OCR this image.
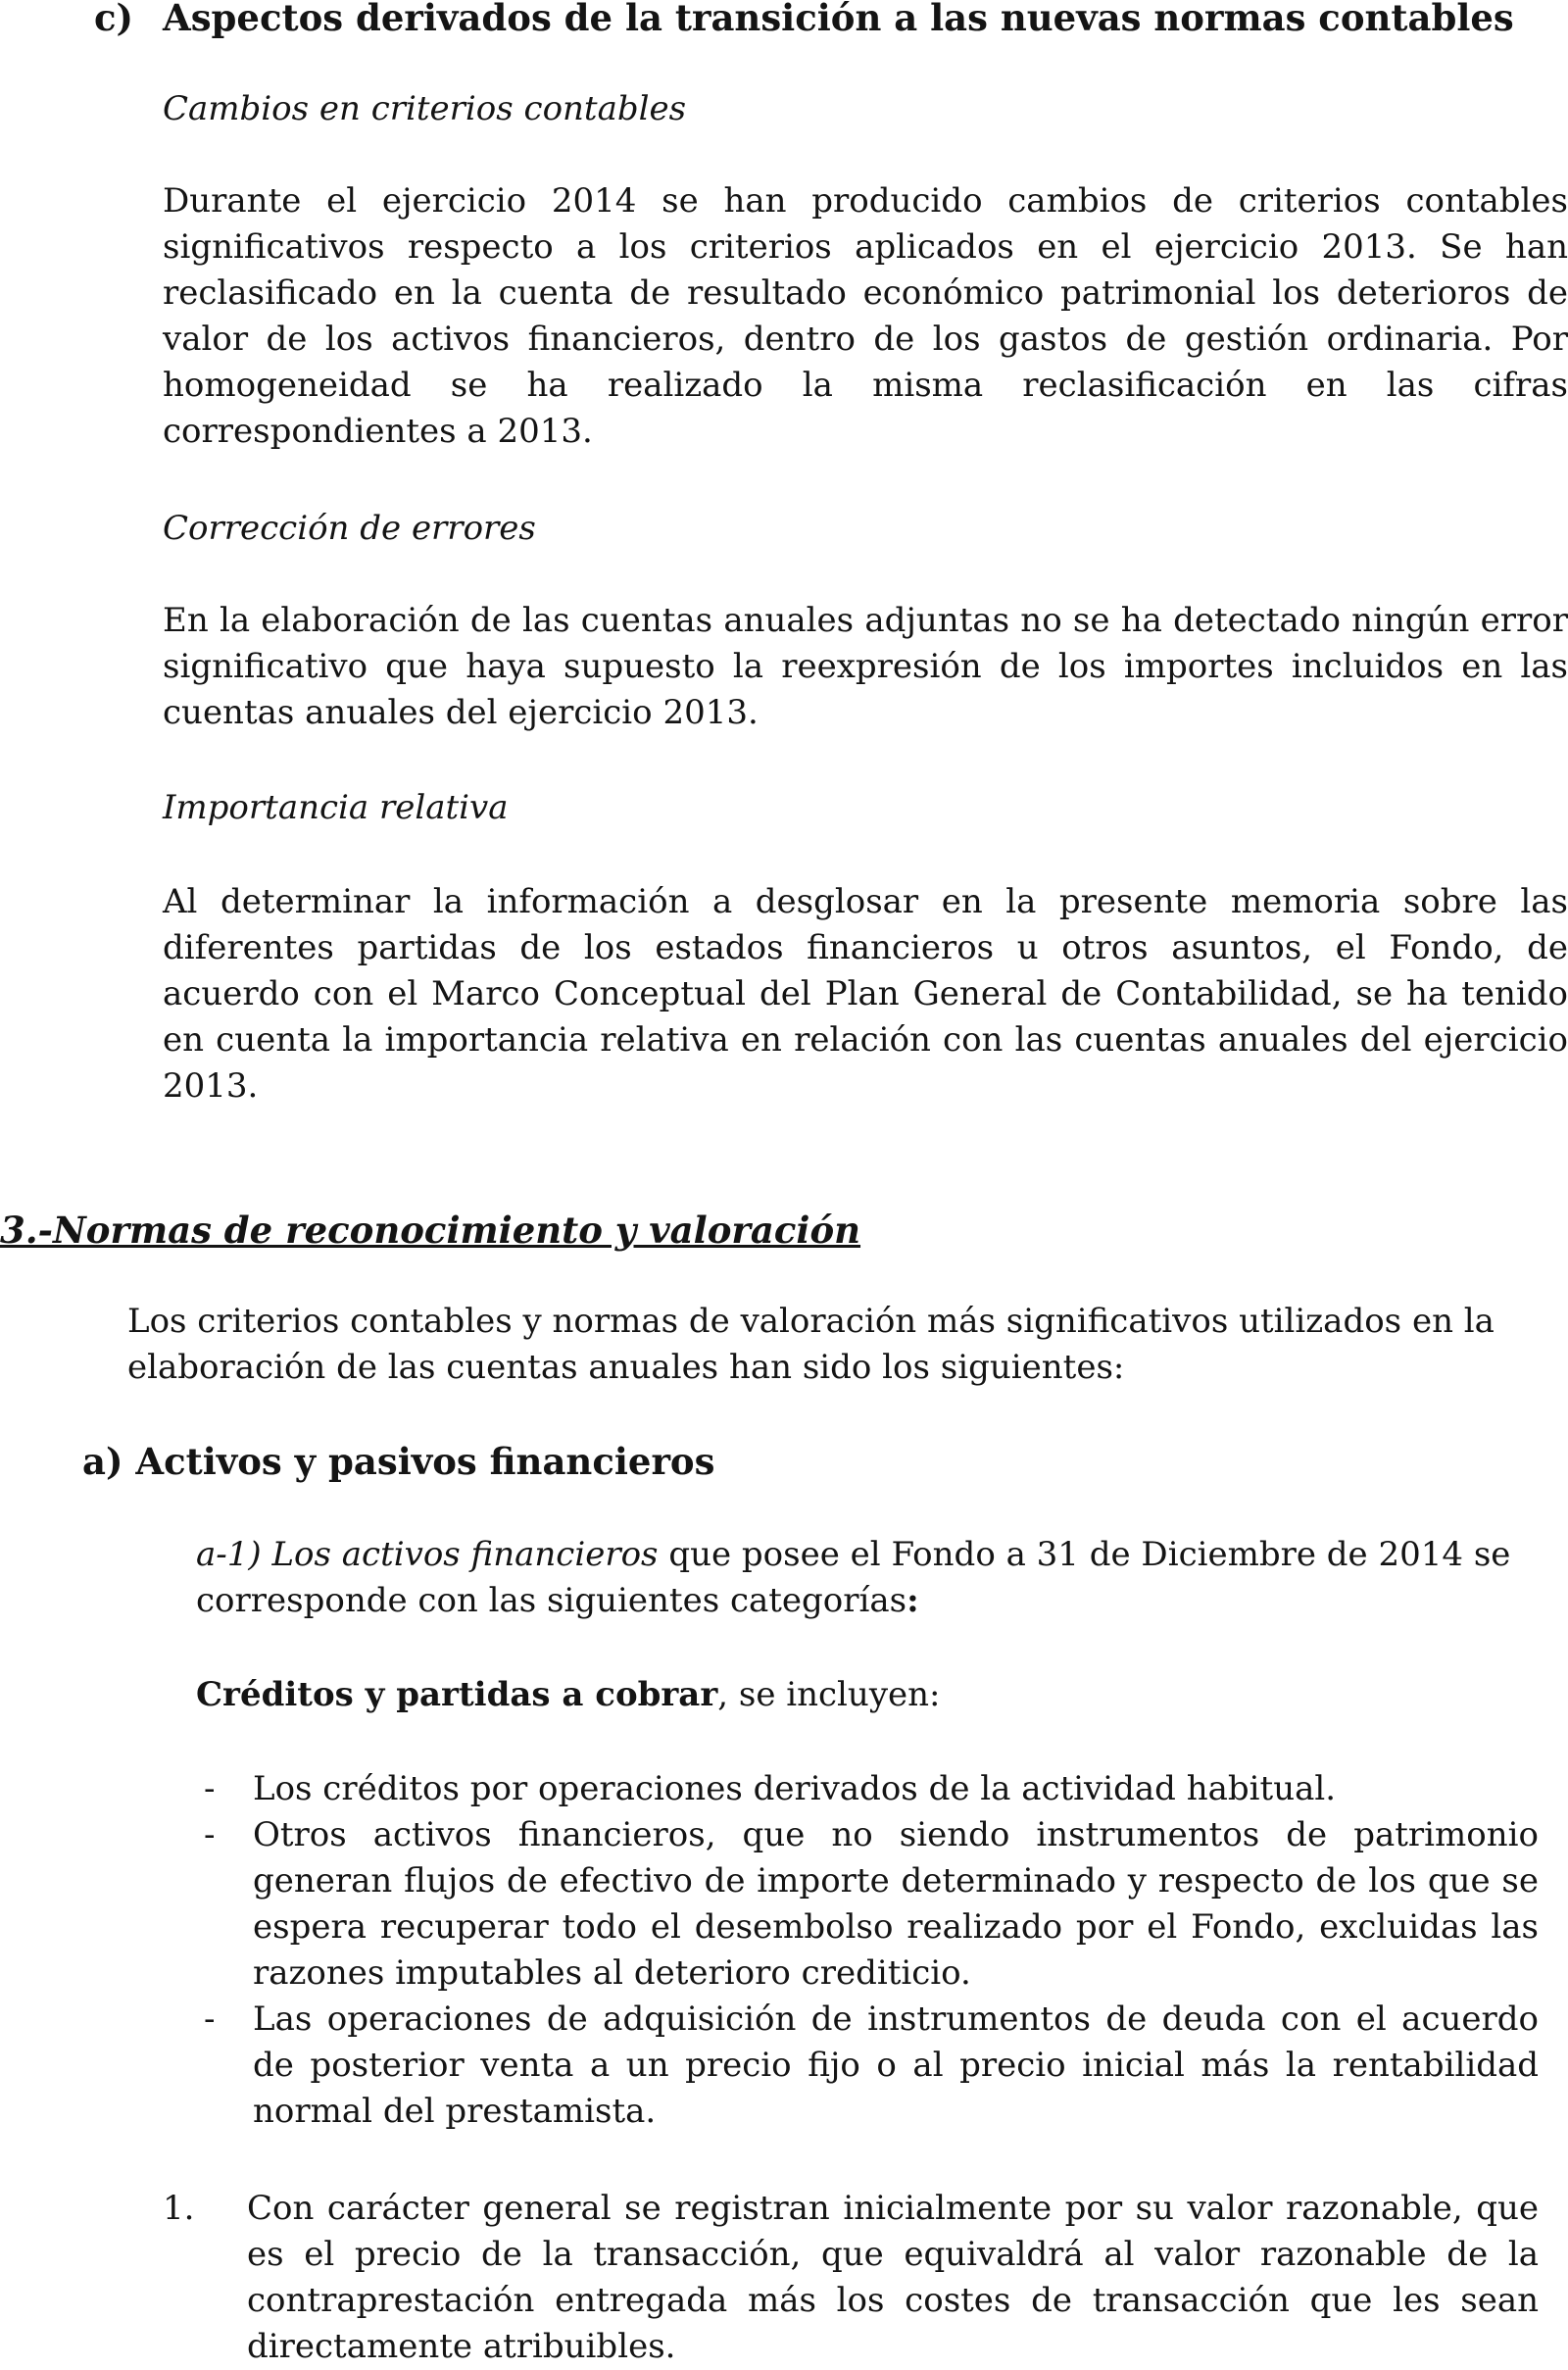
c) Aspectos derivados de la transición a las nuevas normas contables

Cambios en criterios contables

Durante el ejercicio 2014 se han producido cambios de criterios contables significativos respecto a los criterios aplicados en el ejercicio 2013. Se han reclasificado en la cuenta de resultado económico patrimonial los deterioros de valor de los activos financieros, dentro de los gastos de gestión ordinaria. Por homogeneidad se ha realizado la misma reclasificación en las cifras correspondientes a 2013.

Corrección de errores

En la elaboración de las cuentas anuales adjuntas no se ha detectado ningún error significativo que haya supuesto la reexpresión de los importes incluidos en las cuentas anuales del ejercicio 2013.

Importancia relativa

Al determinar la información a desglosar en la presente memoria sobre las diferentes partidas de los estados financieros u otros asuntos, el Fondo, de acuerdo con el Marco Conceptual del Plan General de Contabilidad, se ha tenido en cuenta la importancia relativa en relación con las cuentas anuales del ejercicio 2013.

3.-Normas de reconocimiento y valoración

Los criterios contables y normas de valoración más significativos utilizados en la elaboración de las cuentas anuales han sido los siguientes:

a) Activos y pasivos financieros

a-1) Los activos financieros que posee el Fondo a 31 de Diciembre de 2014 se corresponde con las siguientes categorías:

Créditos y partidas a cobrar, se incluyen:

-	Los créditos por operaciones derivados de la actividad habitual.
-	Otros activos financieros, que no siendo instrumentos de patrimonio generan flujos de efectivo de importe determinado y respecto de los que se espera recuperar todo el desembolso realizado por el Fondo, excluidas las razones imputables al deterioro crediticio.
-	Las operaciones de adquisición de instrumentos de deuda con el acuerdo de posterior venta a un precio fijo o al precio inicial más la rentabilidad normal del prestamista.
1.	Con carácter general se registran inicialmente por su valor razonable, que es el precio de la transacción, que equivaldrá al valor razonable de la contraprestación entregada más los costes de transacción que les sean directamente atribuibles.
